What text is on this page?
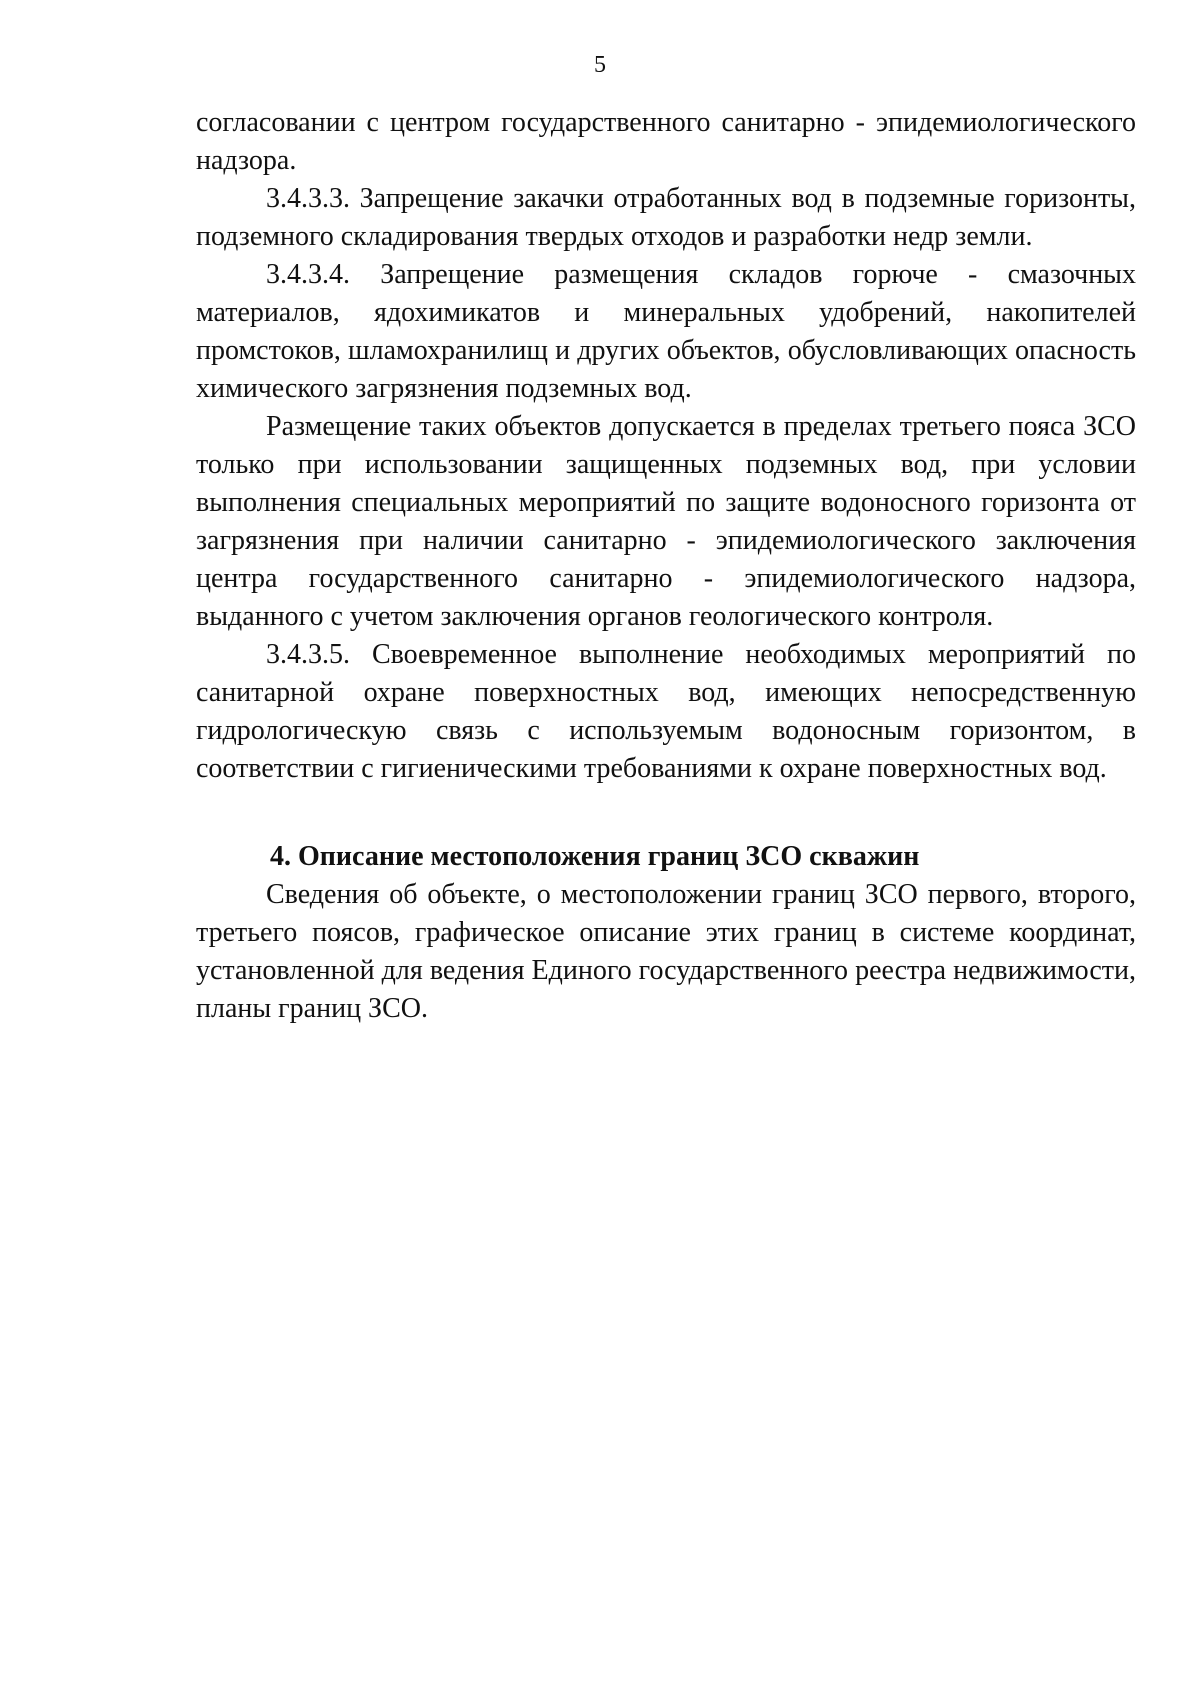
5

согласовании с центром государственного санитарно - эпидемиологического надзора.

3.4.3.3. Запрещение закачки отработанных вод в подземные горизонты, подземного складирования твердых отходов и разработки недр земли.

3.4.3.4. Запрещение размещения складов горюче - смазочных материалов, ядохимикатов и минеральных удобрений, накопителей промстоков, шламохранилищ и других объектов, обусловливающих опасность химического загрязнения подземных вод.

Размещение таких объектов допускается в пределах третьего пояса ЗСО только при использовании защищенных подземных вод, при условии выполнения специальных мероприятий по защите водоносного горизонта от загрязнения при наличии санитарно - эпидемиологического заключения центра государственного санитарно - эпидемиологического надзора, выданного с учетом заключения органов геологического контроля.

3.4.3.5. Своевременное выполнение необходимых мероприятий по санитарной охране поверхностных вод, имеющих непосредственную гидрологическую связь с используемым водоносным горизонтом, в соответствии с гигиеническими требованиями к охране поверхностных вод.

4. Описание местоположения границ ЗСО скважин

Сведения об объекте, о местоположении границ ЗСО первого, второго, третьего поясов, графическое описание этих границ в системе координат, установленной для ведения Единого государственного реестра недвижимости, планы границ ЗСО.
